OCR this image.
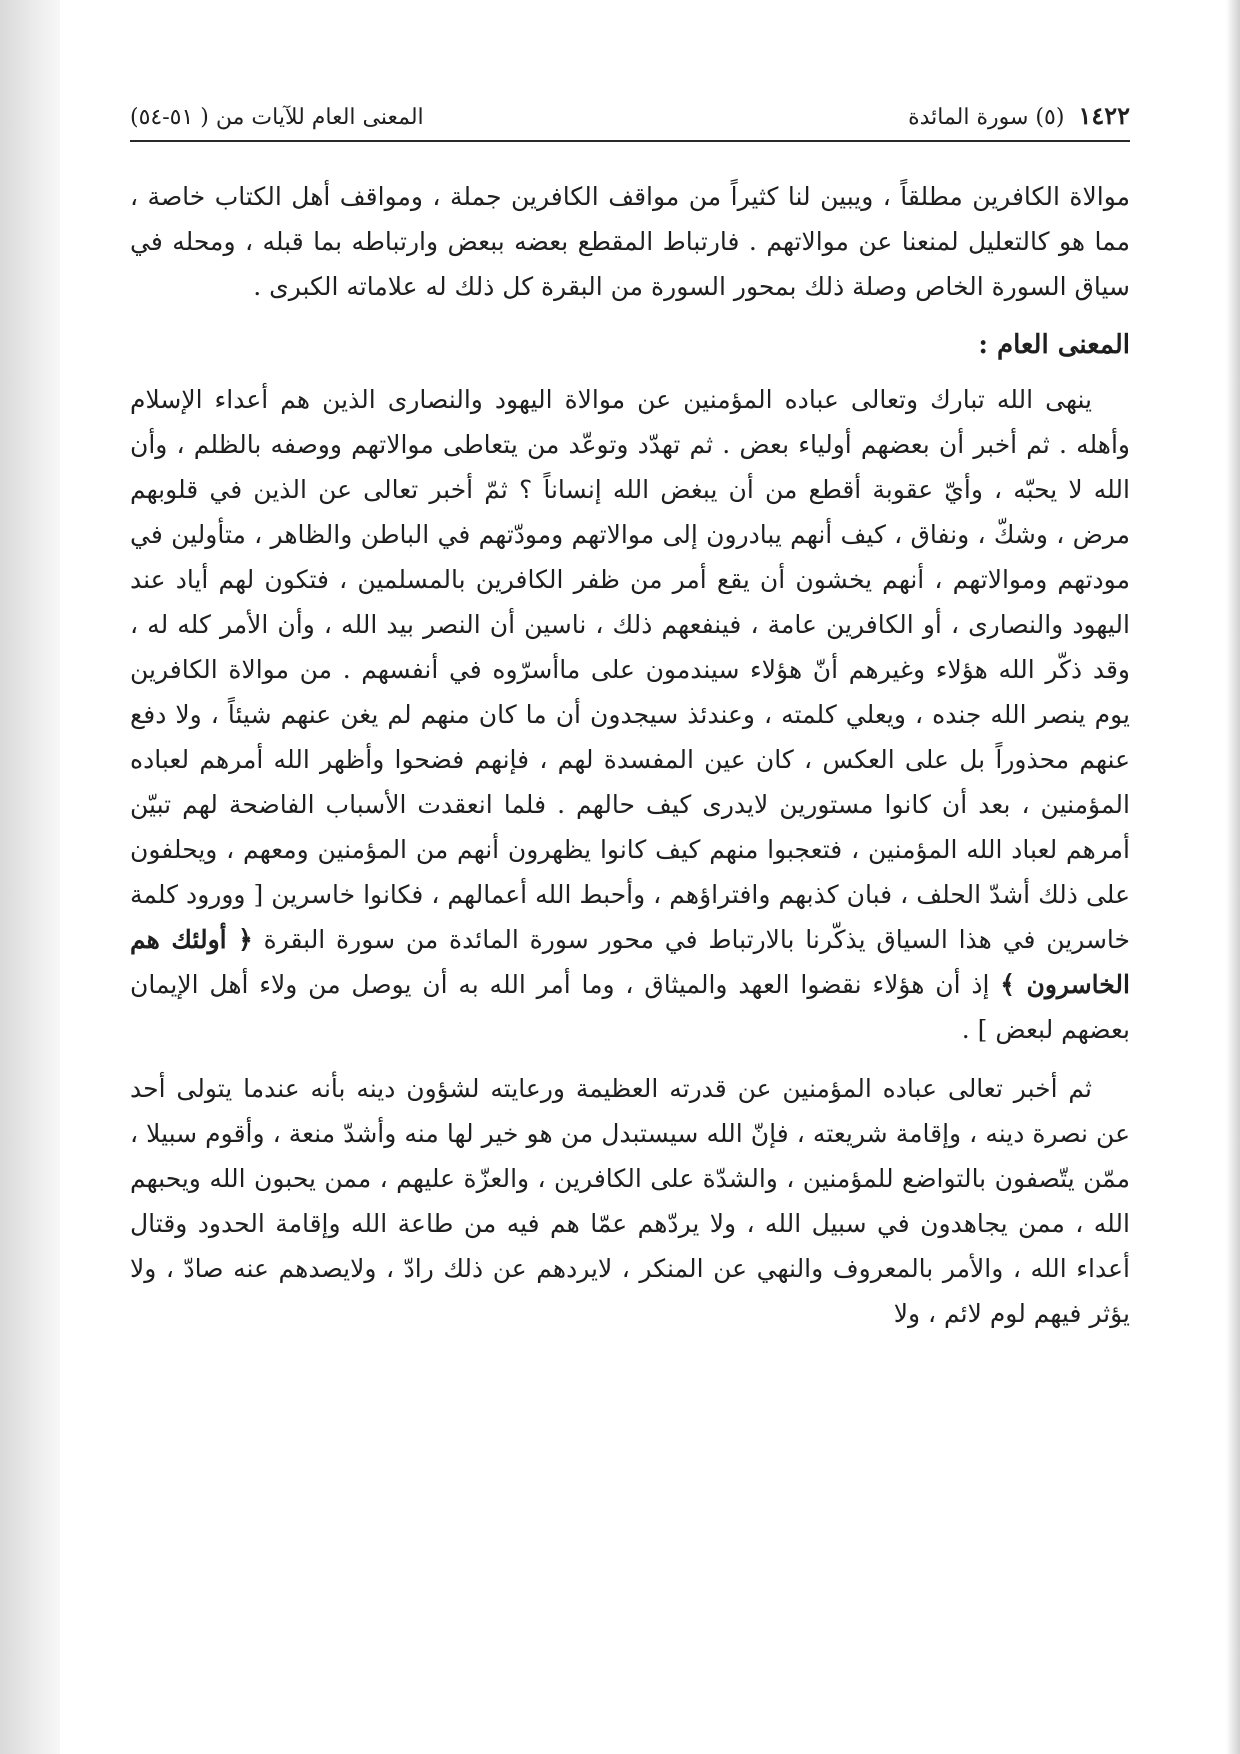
١٤٢٢
(٥) سورة المائدة
المعنى العام للآيات من ( ٥١-٥٤)

موالاة الكافرين مطلقاً ، ويبين لنا كثيراً من مواقف الكافرين جملة ، ومواقف أهل الكتاب خاصة ، مما هو كالتعليل لمنعنا عن موالاتهم . فارتباط المقطع بعضه ببعض وارتباطه بما قبله ، ومحله في سياق السورة الخاص وصلة ذلك بمحور السورة من البقرة كل ذلك له علاماته الكبرى .

المعنى العام :

ينهى الله تبارك وتعالى عباده المؤمنين عن موالاة اليهود والنصارى الذين هم أعداء الإسلام وأهله . ثم أخبر أن بعضهم أولياء بعض . ثم تهدّد وتوعّد من يتعاطى موالاتهم ووصفه بالظلم ، وأن الله لا يحبّه ، وأيّ عقوبة أقطع من أن يبغض الله إنساناً ؟ ثمّ أخبر تعالى عن الذين في قلوبهم مرض ، وشكّ ، ونفاق ، كيف أنهم يبادرون إلى موالاتهم ومودّتهم في الباطن والظاهر ، متأولين في مودتهم وموالاتهم ، أنهم يخشون أن يقع أمر من ظفر الكافرين بالمسلمين ، فتكون لهم أياد عند اليهود والنصارى ، أو الكافرين عامة ، فينفعهم ذلك ، ناسين أن النصر بيد الله ، وأن الأمر كله له ، وقد ذكّر الله هؤلاء وغيرهم أنّ هؤلاء سيندمون على ماأسرّوه في أنفسهم . من موالاة الكافرين يوم ينصر الله جنده ، ويعلي كلمته ، وعندئذ سيجدون أن ما كان منهم لم يغن عنهم شيئاً ، ولا دفع عنهم محذوراً بل على العكس ، كان عين المفسدة لهم ، فإنهم فضحوا وأظهر الله أمرهم لعباده المؤمنين ، بعد أن كانوا مستورين لايدرى كيف حالهم . فلما انعقدت الأسباب الفاضحة لهم تبيّن أمرهم لعباد الله المؤمنين ، فتعجبوا منهم كيف كانوا يظهرون أنهم من المؤمنين ومعهم ، ويحلفون على ذلك أشدّ الحلف ، فبان كذبهم وافتراؤهم ، وأحبط الله أعمالهم ، فكانوا خاسرين [ وورود كلمة خاسرين في هذا السياق يذكّرنا بالارتباط في محور سورة المائدة من سورة البقرة ﴿ أولئك هم الخاسرون ﴾ إذ أن هؤلاء نقضوا العهد والميثاق ، وما أمر الله به أن يوصل من ولاء أهل الإيمان بعضهم لبعض ] .

ثم أخبر تعالى عباده المؤمنين عن قدرته العظيمة ورعايته لشؤون دينه بأنه عندما يتولى أحد عن نصرة دينه ، وإقامة شريعته ، فإنّ الله سيستبدل من هو خير لها منه وأشدّ منعة ، وأقوم سبيلا ، ممّن يتّصفون بالتواضع للمؤمنين ، والشدّة على الكافرين ، والعزّة عليهم ، ممن يحبون الله ويحبهم الله ، ممن يجاهدون في سبيل الله ، ولا يردّهم عمّا هم فيه من طاعة الله وإقامة الحدود وقتال أعداء الله ، والأمر بالمعروف والنهي عن المنكر ، لايردهم عن ذلك رادّ ، ولايصدهم عنه صادّ ، ولا يؤثر فيهم لوم لائم ، ولا
